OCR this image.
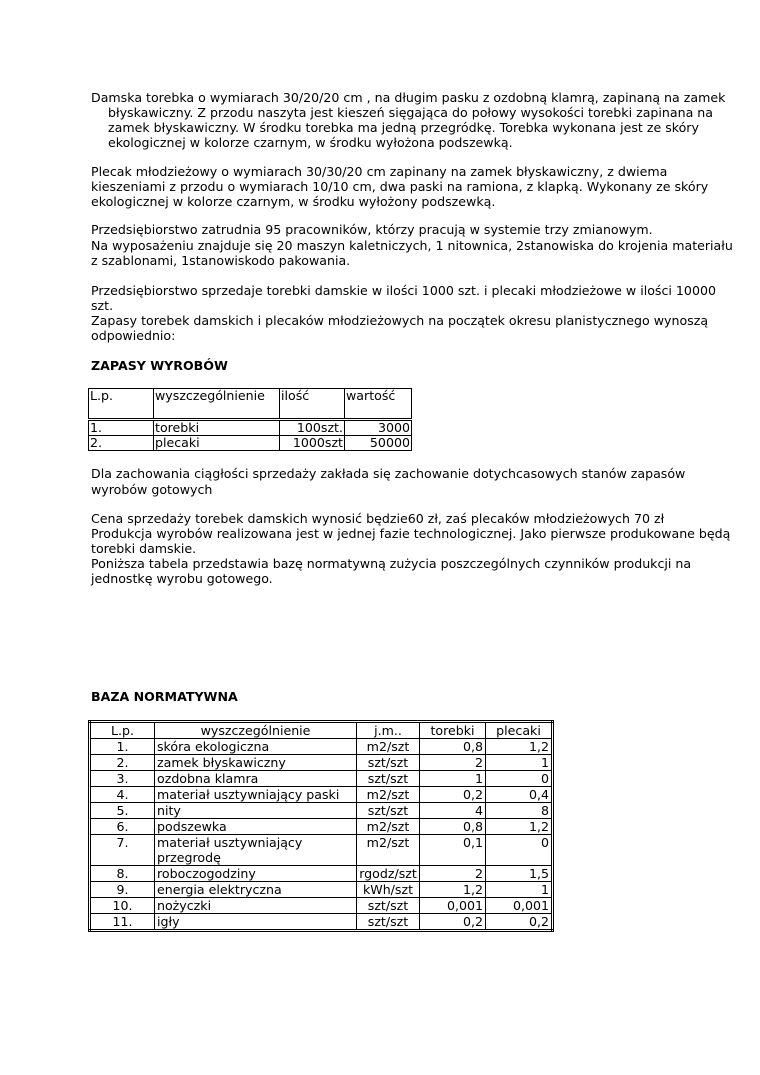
Damska torebka o wymiarach 30/20/20 cm , na długim pasku z ozdobną klamrą, zapinaną na zamek
błyskawiczny. Z przodu naszyta jest kieszeń sięgająca do połowy wysokości torebki zapinana na
zamek błyskawiczny. W środku torebka ma jedną przegródkę. Torebka wykonana jest ze skóry
ekologicznej w kolorze czarnym, w środku wyłożona podszewką.
Plecak młodzieżowy o wymiarach 30/30/20 cm zapinany na zamek błyskawiczny, z dwiema
kieszeniami z przodu o wymiarach 10/10 cm, dwa paski na ramiona, z klapką. Wykonany ze skóry
ekologicznej w kolorze czarnym, w środku wyłożony podszewką.
Przedsiębiorstwo zatrudnia 95 pracowników, którzy pracują w systemie trzy zmianowym.
Na wyposażeniu znajduje się 20 maszyn kaletniczych, 1 nitownica, 2stanowiska do krojenia materiału
z szablonami, 1stanowiskodo pakowania.
Przedsiębiorstwo sprzedaje torebki damskie w ilości 1000 szt. i plecaki młodzieżowe w ilości 10000
szt.
Zapasy torebek damskich i plecaków młodzieżowych na początek okresu planistycznego wynoszą
odpowiednio:
Dla zachowania ciągłości sprzedaży zakłada się zachowanie dotychcasowych stanów zapasów
wyrobów gotowych
Cena sprzedaży torebek damskich wynosić będzie60 zł, zaś plecaków młodzieżowych 70 zł
Produkcja wyrobów realizowana jest w jednej fazie technologicznej. Jako pierwsze produkowane będą
torebki damskie.
Poniższa tabela przedstawia bazę normatywną zużycia poszczególnych czynników produkcji na
jednostkę wyrobu gotowego.
ZAPASY WYROBÓW
BAZA NORMATYWNA
L.p.	wyszczególnienie	ilość	wartość
1.	torebki	100szt.	3000
2.	plecaki	1000szt	50000
L.p.	wyszczególnienie	j.m..	torebki	plecaki
1.	skóra ekologiczna	m2/szt	0,8	1,2
2.	zamek błyskawiczny	szt/szt	2	1
3.	ozdobna klamra	szt/szt	1	0
4.	materiał usztywniający paski	m2/szt	0,2	0,4
5.	nity	szt/szt	4	8
6.	podszewka	m2/szt	0,8	1,2
7.	materiał usztywniający przegrodę	m2/szt	0,1	0
8.	roboczogodziny	rgodz/szt	2	1,5
9.	energia elektryczna	kWh/szt	1,2	1
10.	nożyczki	szt/szt	0,001	0,001
11.	igły	szt/szt	0,2	0,2
